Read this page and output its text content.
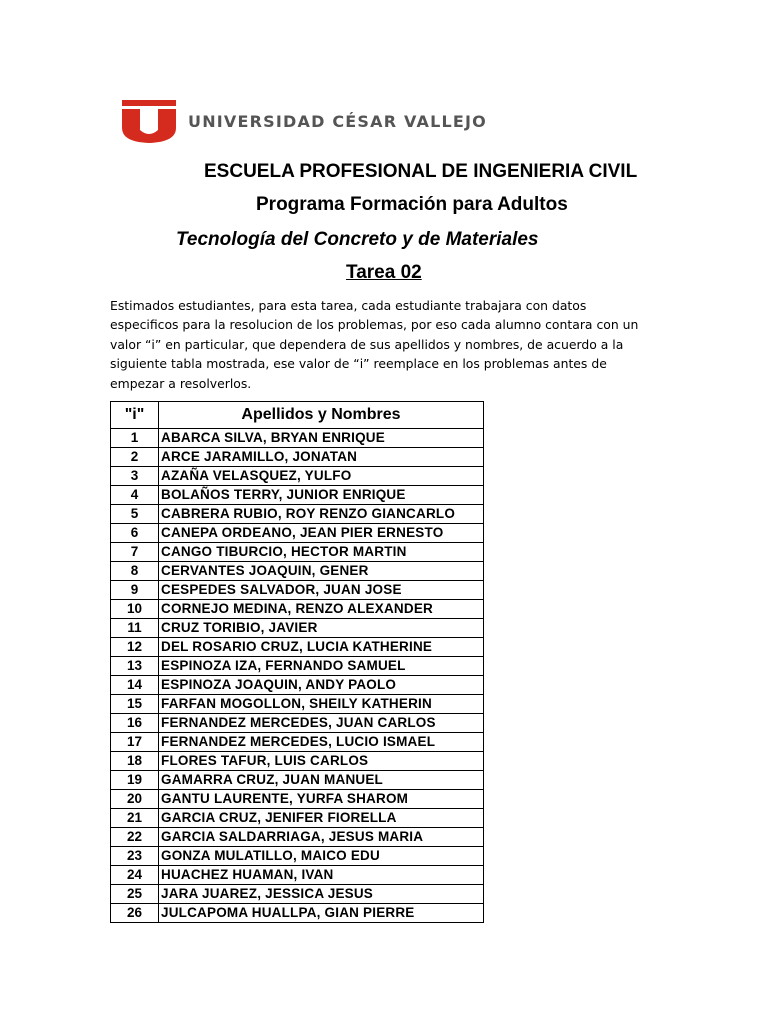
UNIVERSIDAD CÉSAR VALLEJO
ESCUELA PROFESIONAL DE INGENIERIA CIVIL
Programa Formación para Adultos
Tecnología del Concreto y de Materiales
Tarea 02
Estimados estudiantes, para esta tarea, cada estudiante trabajara con datos especificos para la resolucion de los problemas, por eso cada alumno contara con un valor “i” en particular, que dependera de sus apellidos y nombres, de acuerdo a la siguiente tabla mostrada, ese valor de “i” reemplace en los problemas antes de empezar a resolverlos.
"i"	Apellidos y Nombres
1	ABARCA SILVA, BRYAN ENRIQUE
2	ARCE JARAMILLO, JONATAN
3	AZAÑA VELASQUEZ, YULFO
4	BOLAÑOS TERRY, JUNIOR ENRIQUE
5	CABRERA RUBIO, ROY RENZO GIANCARLO
6	CANEPA ORDEANO, JEAN PIER ERNESTO
7	CANGO TIBURCIO, HECTOR MARTIN
8	CERVANTES JOAQUIN, GENER
9	CESPEDES SALVADOR, JUAN JOSE
10	CORNEJO MEDINA, RENZO ALEXANDER
11	CRUZ TORIBIO, JAVIER
12	DEL ROSARIO CRUZ, LUCIA KATHERINE
13	ESPINOZA IZA, FERNANDO SAMUEL
14	ESPINOZA JOAQUIN, ANDY PAOLO
15	FARFAN MOGOLLON, SHEILY KATHERIN
16	FERNANDEZ MERCEDES, JUAN CARLOS
17	FERNANDEZ MERCEDES, LUCIO ISMAEL
18	FLORES TAFUR, LUIS CARLOS
19	GAMARRA CRUZ, JUAN MANUEL
20	GANTU LAURENTE, YURFA SHAROM
21	GARCIA CRUZ, JENIFER FIORELLA
22	GARCIA SALDARRIAGA, JESUS MARIA
23	GONZA MULATILLO, MAICO EDU
24	HUACHEZ HUAMAN, IVAN
25	JARA JUAREZ, JESSICA JESUS
26	JULCAPOMA HUALLPA, GIAN PIERRE
